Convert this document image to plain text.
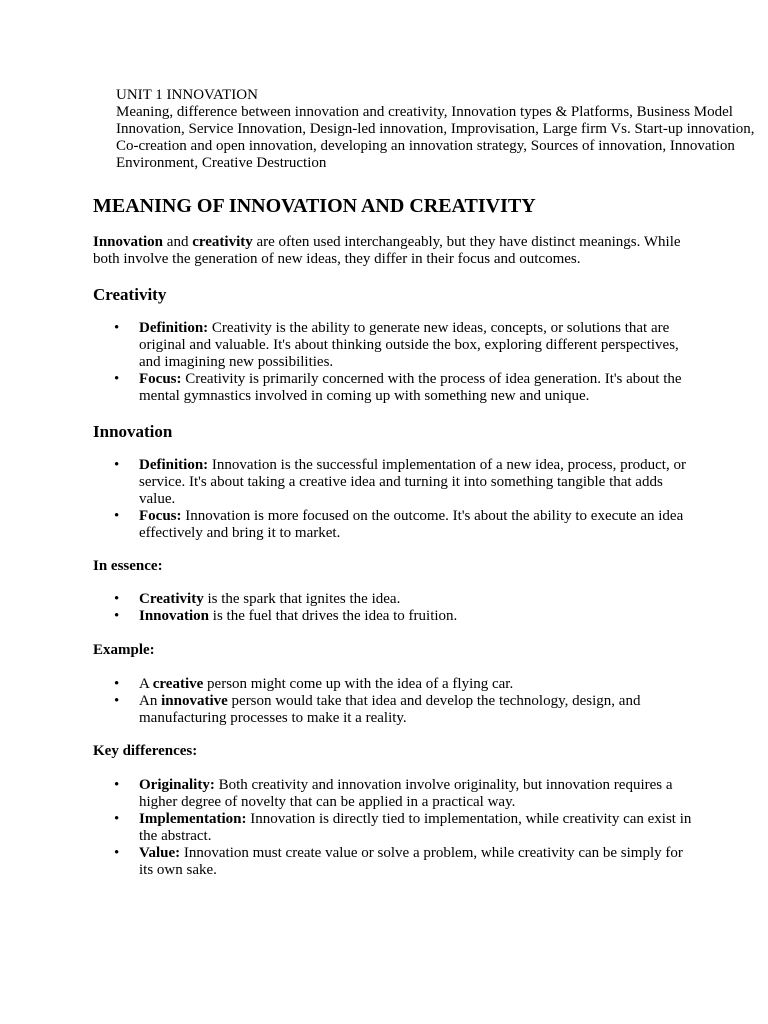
UNIT 1 INNOVATION

Meaning, difference between innovation and creativity, Innovation types & Platforms, Business Model Innovation, Service Innovation, Design-led innovation, Improvisation, Large firm Vs. Start-up innovation, Co-creation and open innovation, developing an innovation strategy, Sources of innovation, Innovation Environment, Creative Destruction

MEANING OF INNOVATION AND CREATIVITY

Innovation and creativity are often used interchangeably, but they have distinct meanings. While both involve the generation of new ideas, they differ in their focus and outcomes.

Creativity
• Definition: Creativity is the ability to generate new ideas, concepts, or solutions that are original and valuable. It's about thinking outside the box, exploring different perspectives, and imagining new possibilities.
• Focus: Creativity is primarily concerned with the process of idea generation. It's about the mental gymnastics involved in coming up with something new and unique.
Innovation
• Definition: Innovation is the successful implementation of a new idea, process, product, or service. It's about taking a creative idea and turning it into something tangible that adds value.
• Focus: Innovation is more focused on the outcome. It's about the ability to execute an idea effectively and bring it to market.
In essence:
• Creativity is the spark that ignites the idea.
• Innovation is the fuel that drives the idea to fruition.
Example:
• A creative person might come up with the idea of a flying car.
• An innovative person would take that idea and develop the technology, design, and manufacturing processes to make it a reality.
Key differences:
• Originality: Both creativity and innovation involve originality, but innovation requires a higher degree of novelty that can be applied in a practical way.
• Implementation: Innovation is directly tied to implementation, while creativity can exist in the abstract.
• Value: Innovation must create value or solve a problem, while creativity can be simply for its own sake.
